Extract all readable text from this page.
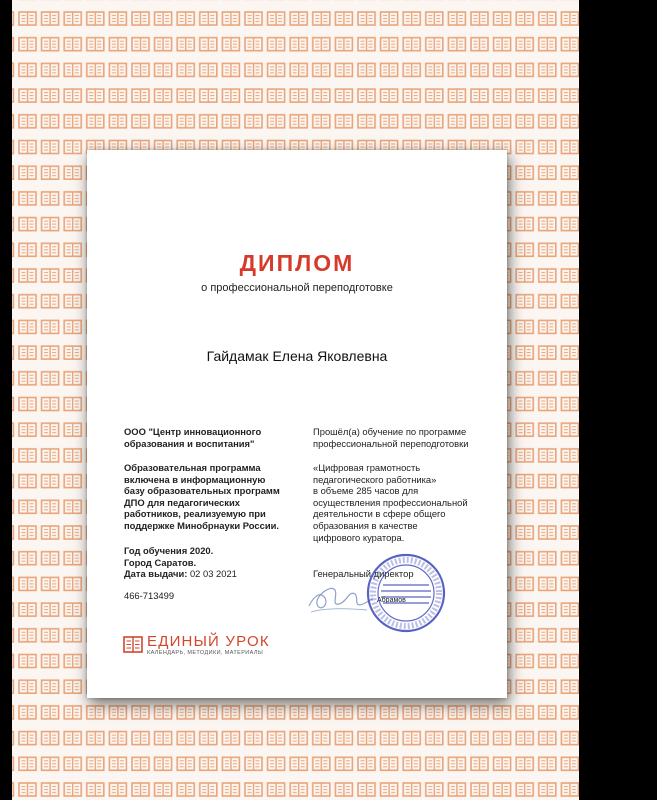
ДИПЛОМ
о профессиональной переподготовке
Гайдамак Елена Яковлевна
ООО "Центр инновационного
образования и воспитания"
Образовательная программа
включена в информационную
базу образовательных программ
ДПО для педагогических
работников, реализуемую при
поддержке Минобрнауки России.
Год обучения 2020.
Город Саратов.
Дата выдачи: 02 03 2021
466-713499
Прошёл(а) обучение по программе
профессиональной переподготовки
«Цифровая грамотность
педагогического работника»
в объеме 285 часов для
осуществления профессиональной
деятельности в сфере общего
образования в качестве
цифрового куратора.
Генеральный директор
Абрамов
ЕДИНЫЙ УРОК
КАЛЕНДАРЬ, МЕТОДИКИ, МАТЕРИАЛЫ
